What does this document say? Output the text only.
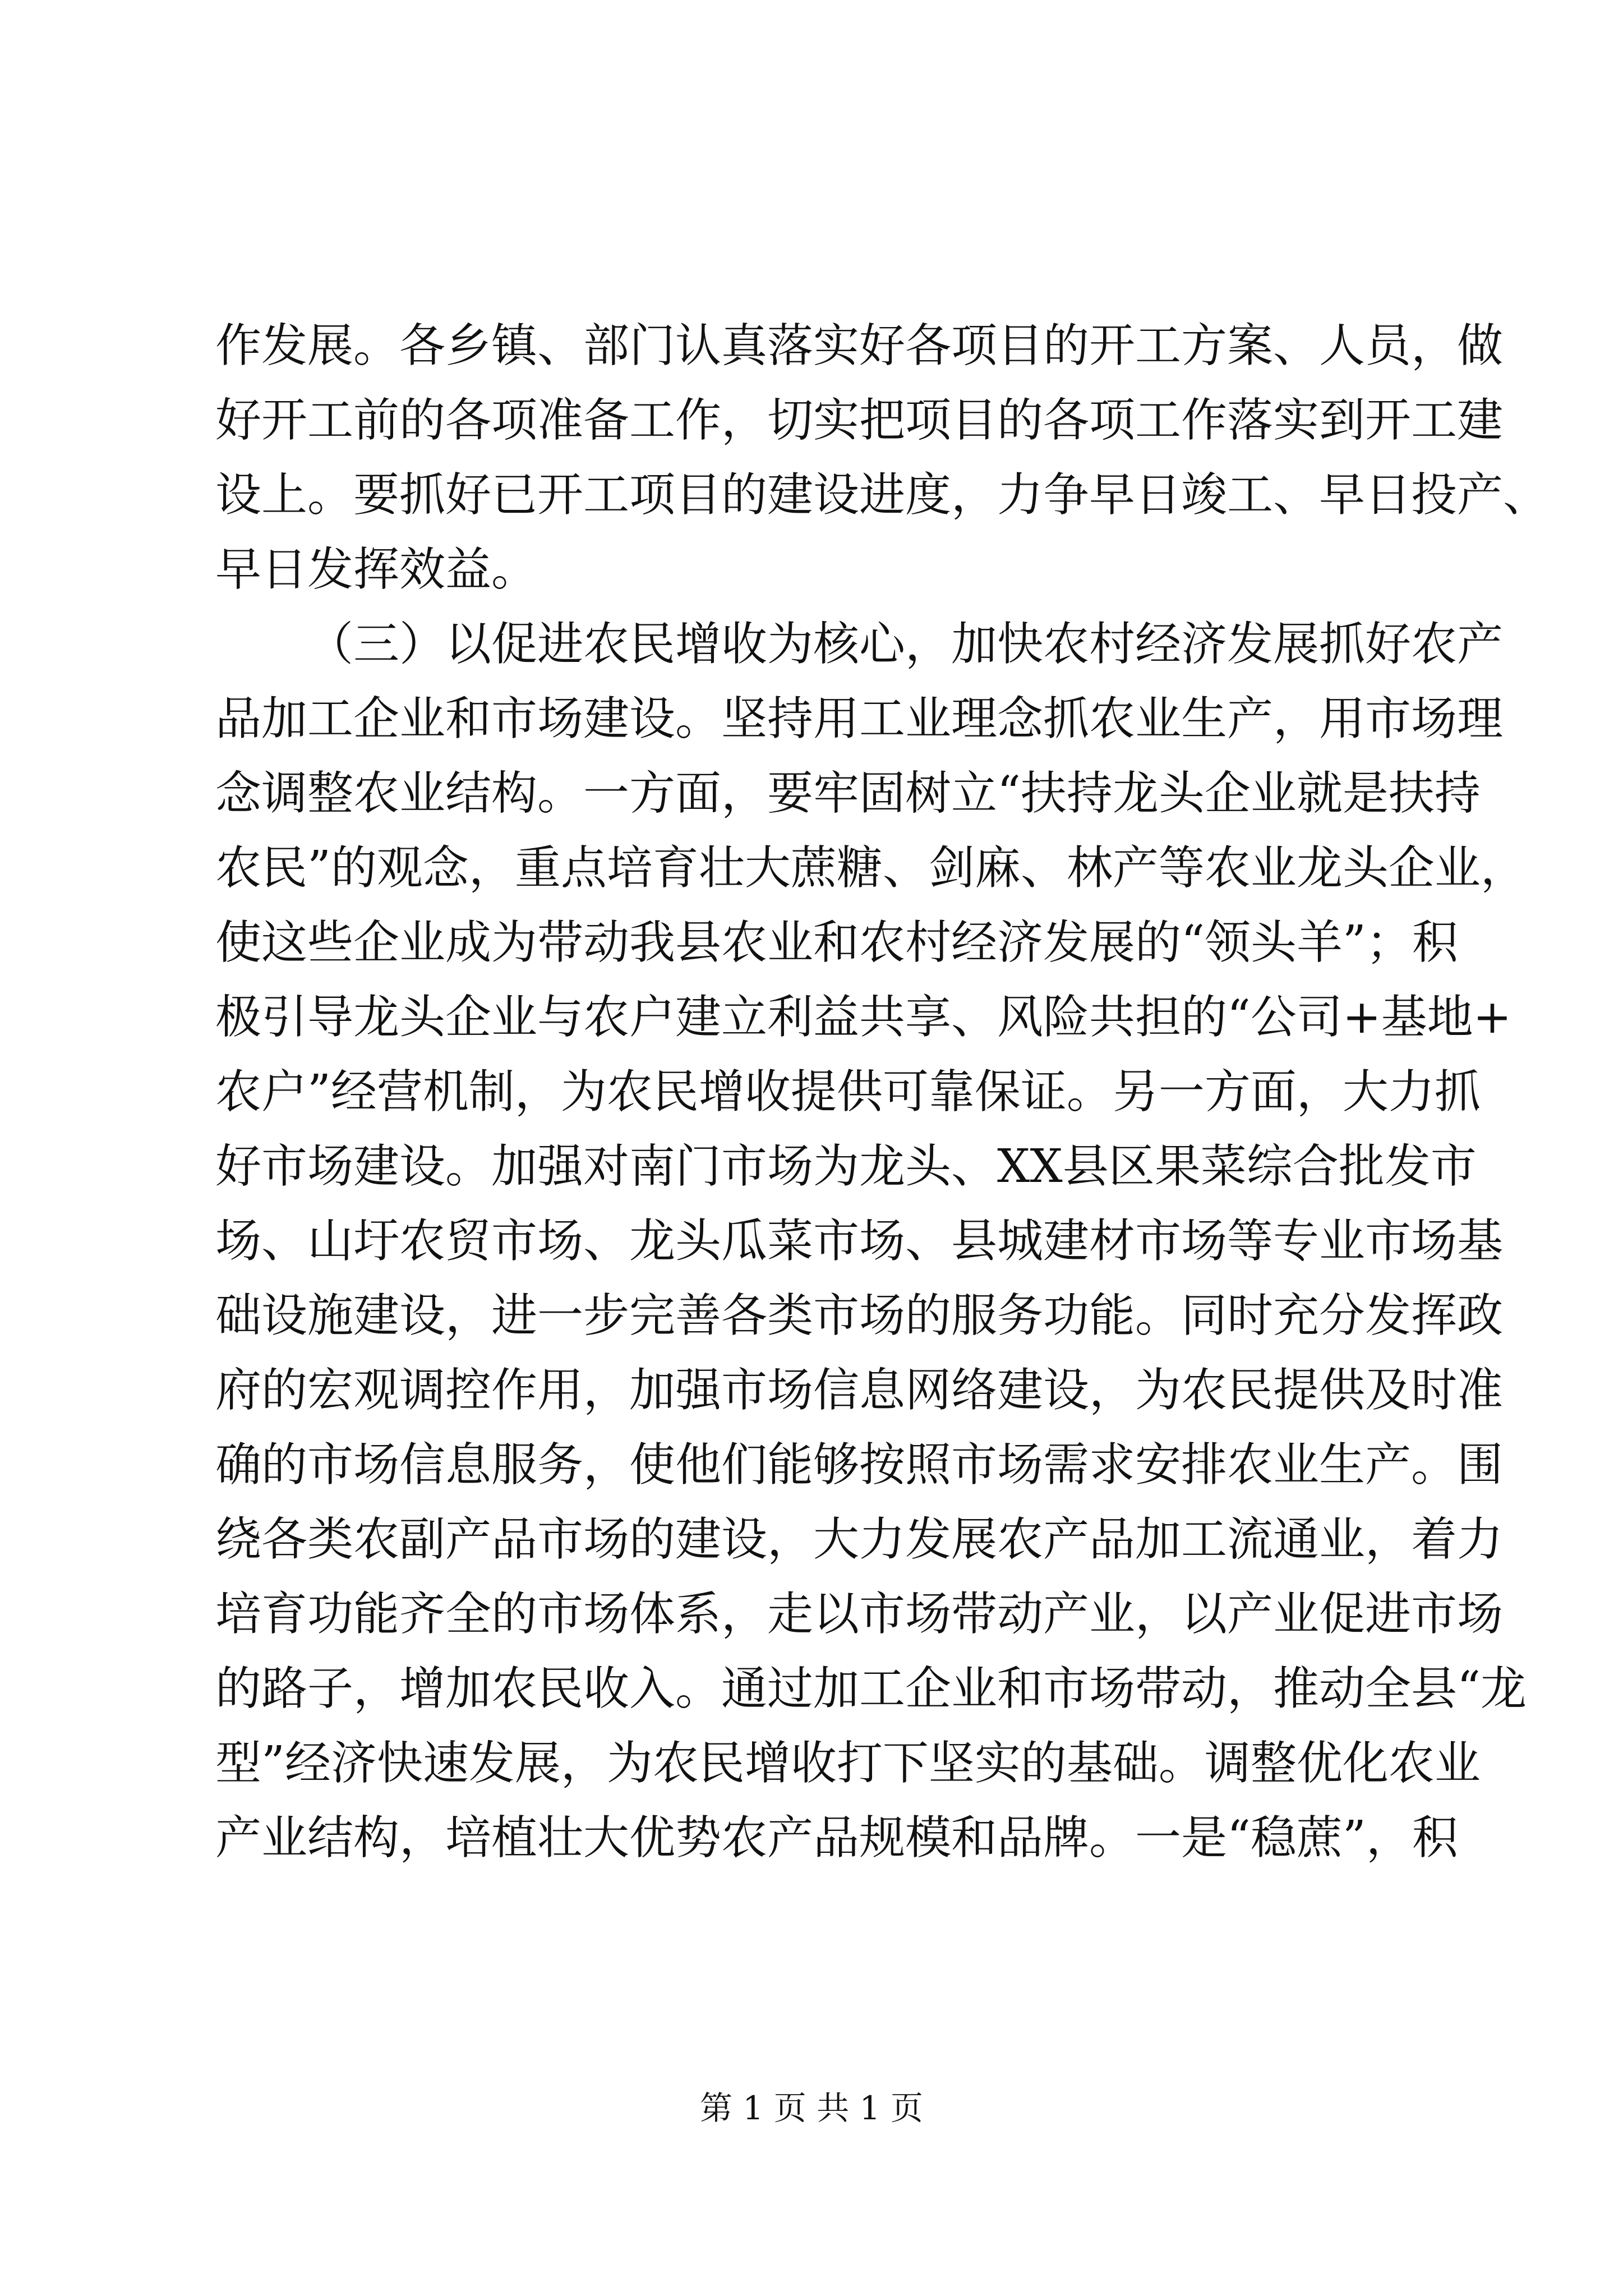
作发展。各乡镇、部门认真落实好各项目的开工方案、人员，做
好开工前的各项准备工作，切实把项目的各项工作落实到开工建
设上。要抓好已开工项目的建设进度，力争早日竣工、早日投产、
早日发挥效益。
（三）以促进农民增收为核心，加快农村经济发展抓好农产
品加工企业和市场建设。坚持用工业理念抓农业生产，用市场理
念调整农业结构。一方面，要牢固树立“扶持龙头企业就是扶持
农民”的观念，重点培育壮大蔗糖、剑麻、林产等农业龙头企业，
使这些企业成为带动我县农业和农村经济发展的“领头羊”；积
极引导龙头企业与农户建立利益共享、风险共担的“公司+基地+
农户”经营机制，为农民增收提供可靠保证。另一方面，大力抓
好市场建设。加强对南门市场为龙头、XX县区果菜综合批发市
场、山圩农贸市场、龙头瓜菜市场、县城建材市场等专业市场基
础设施建设，进一步完善各类市场的服务功能。同时充分发挥政
府的宏观调控作用，加强市场信息网络建设，为农民提供及时准
确的市场信息服务，使他们能够按照市场需求安排农业生产。围
绕各类农副产品市场的建设，大力发展农产品加工流通业，着力
培育功能齐全的市场体系，走以市场带动产业，以产业促进市场
的路子，增加农民收入。通过加工企业和市场带动，推动全县“龙
型”经济快速发展，为农民增收打下坚实的基础。调整优化农业
产业结构，培植壮大优势农产品规模和品牌。一是“稳蔗”，积
第 1 页 共 1 页
